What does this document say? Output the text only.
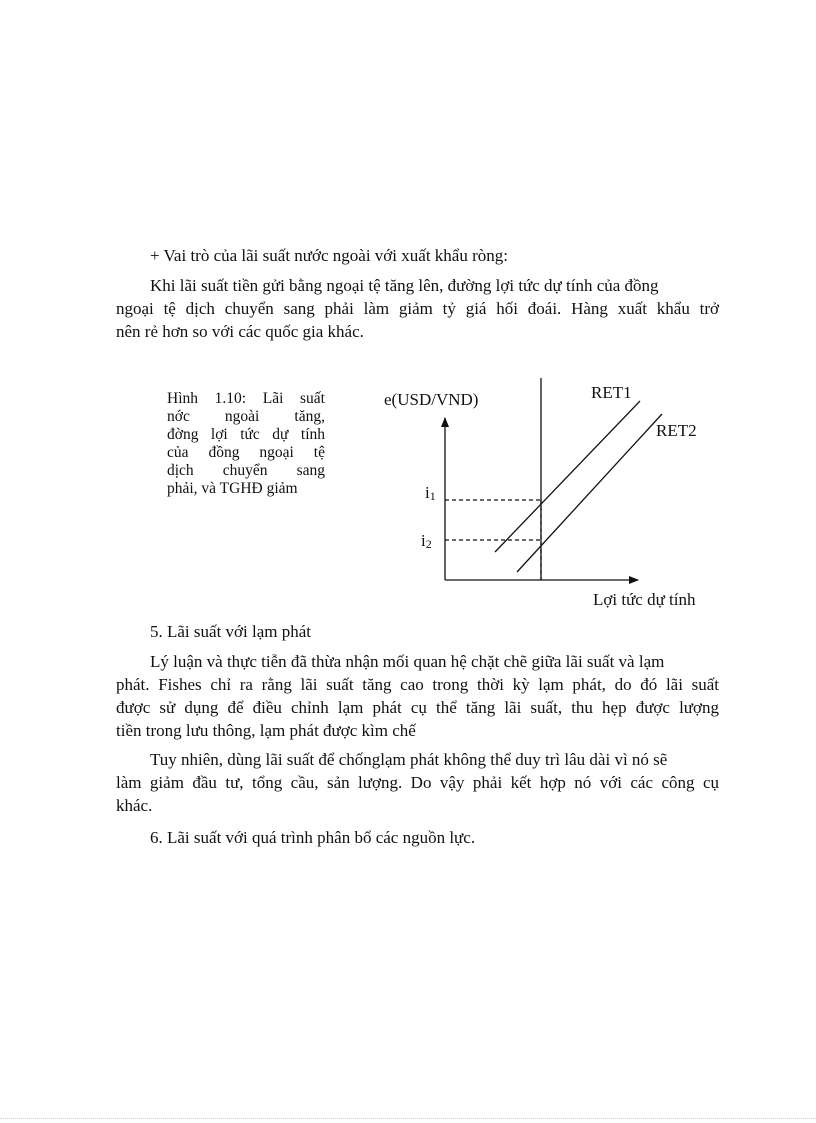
+ Vai trò của lãi suất nước ngoài với xuất khẩu ròng:
Khi lãi suất tiền gửi bằng ngoại tệ tăng lên, đường lợi tức dự tính của đồng
ngoại tệ dịch chuyển sang phải làm giảm tỷ giá hối đoái. Hàng xuất khẩu trở
nên rẻ hơn so với các quốc gia khác.
Hình 1.10: Lãi suất
nớc ngoài tăng,
đờng lợi tức dự tính
của đồng ngoại tệ
dịch chuyển sang
phải, và TGHĐ giảm
e(USD/VND)	RET1
RET2
Lợi tức dự tính
i1
i2
5. Lãi suất với lạm phát
Lý luận và thực tiễn đã thừa nhận mối quan hệ chặt chẽ giữa lãi suất và lạm
phát. Fishes chỉ ra rằng lãi suất tăng cao trong thời kỳ lạm phát, do đó lãi suất
được sử dụng để điều chỉnh lạm phát cụ thể tăng lãi suất, thu hẹp được lượng
tiền trong lưu thông, lạm phát được kìm chế
Tuy nhiên, dùng lãi suất để chốnglạm phát không thể duy trì lâu dài vì nó sẽ
làm giảm đầu tư, tổng cầu, sản lượng. Do vậy phải kết hợp nó với các công cụ
khác.
6. Lãi suất với quá trình phân bổ các nguồn lực.
